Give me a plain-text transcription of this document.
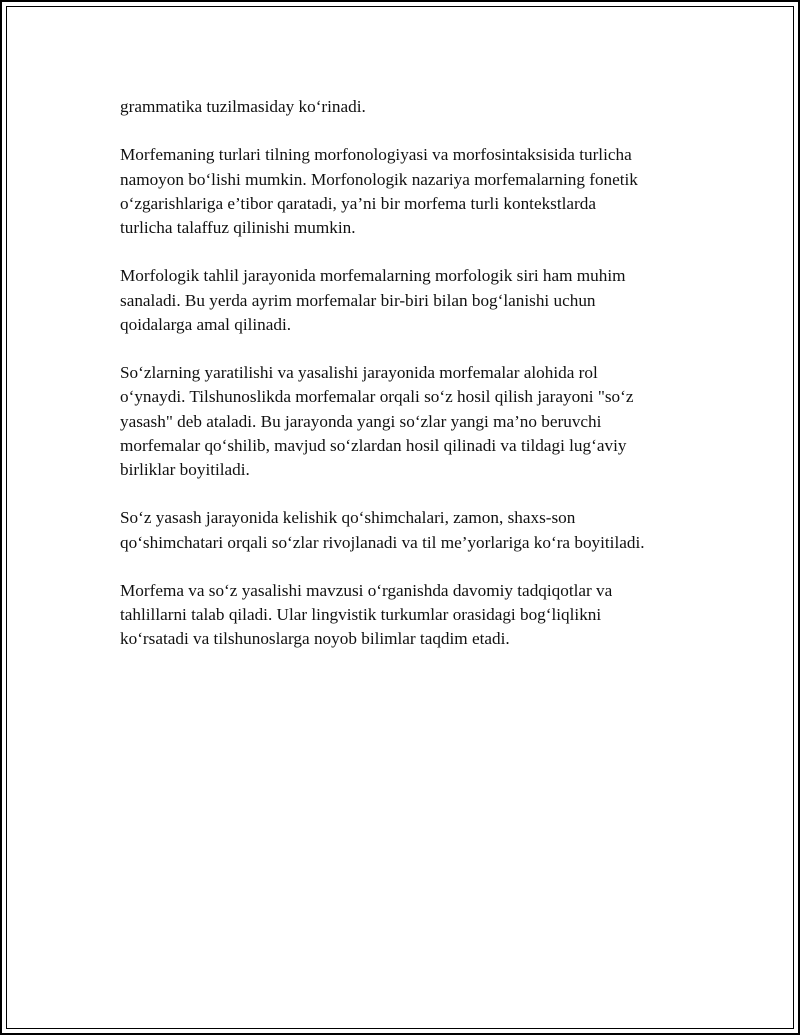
grammatika tuzilmasiday ko‘rinadi.

Morfemaning turlari tilning morfonologiyasi va morfosintaksisida turlicha
namoyon bo‘lishi mumkin. Morfonologik nazariya morfemalarning fonetik
o‘zgarishlariga e’tibor qaratadi, ya’ni bir morfema turli kontekstlarda
turlicha talaffuz qilinishi mumkin.

Morfologik tahlil jarayonida morfemalarning morfologik siri ham muhim
sanaladi. Bu yerda ayrim morfemalar bir-biri bilan bog‘lanishi uchun
qoidalarga amal qilinadi.

So‘zlarning yaratilishi va yasalishi jarayonida morfemalar alohida rol
o‘ynaydi. Tilshunoslikda morfemalar orqali so‘z hosil qilish jarayoni "so‘z
yasash" deb ataladi. Bu jarayonda yangi so‘zlar yangi ma’no beruvchi
morfemalar qo‘shilib, mavjud so‘zlardan hosil qilinadi va tildagi lug‘aviy
birliklar boyitiladi.

So‘z yasash jarayonida kelishik qo‘shimchalari, zamon, shaxs-son
qo‘shimchatari orqali so‘zlar rivojlanadi va til me’yorlariga ko‘ra boyitiladi.

Morfema va so‘z yasalishi mavzusi o‘rganishda davomiy tadqiqotlar va
tahlillarni talab qiladi. Ular lingvistik turkumlar orasidagi bog‘liqlikni
ko‘rsatadi va tilshunoslarga noyob bilimlar taqdim etadi.
